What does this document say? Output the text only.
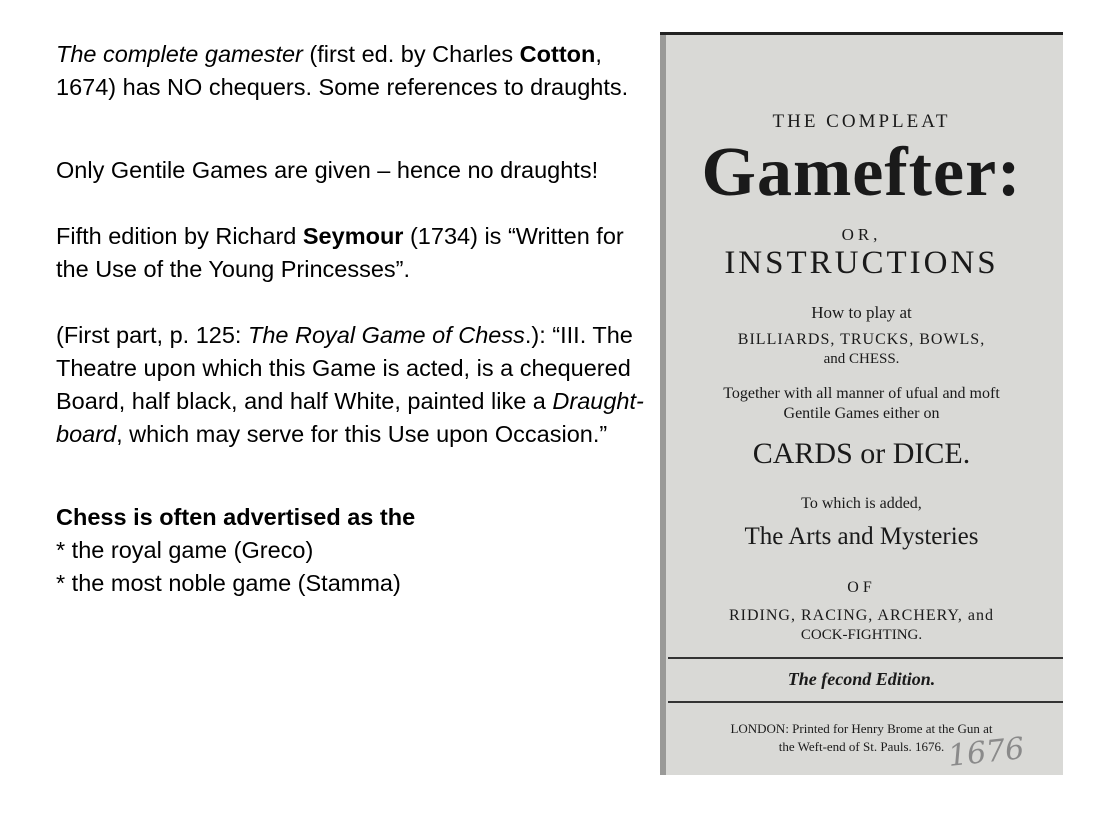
The complete gamester (first ed. by Charles Cotton, 1674) has NO chequers. Some references to draughts.

Only Gentile Games are given – hence no draughts!

Fifth edition by Richard Seymour (1734) is “Written for the Use of the Young Princesses”.

(First part, p. 125: The Royal Game of Chess.): “III. The Theatre upon which this Game is acted, is a chequered Board, half black, and half White, painted like a Draught-board, which may serve for this Use upon Occasion.”

Chess is often advertised as the

* the royal game (Greco)

* the most noble game (Stamma)

THE COMPLEAT
Gamefter:
OR,
INSTRUCTIONS
How to play at
BILLIARDS, TRUCKS, BOWLS,
and CHESS.
Together with all manner of ufual and moft
Gentile Games either on
CARDS or DICE.
To which is added,
The Arts and Mysteries
OF
RIDING, RACING, ARCHERY, and
COCK-FIGHTING.
The fecond Edition.
LONDON: Printed for Henry Brome at the Gun at
the Weft-end of St. Pauls. 1676. 1676
